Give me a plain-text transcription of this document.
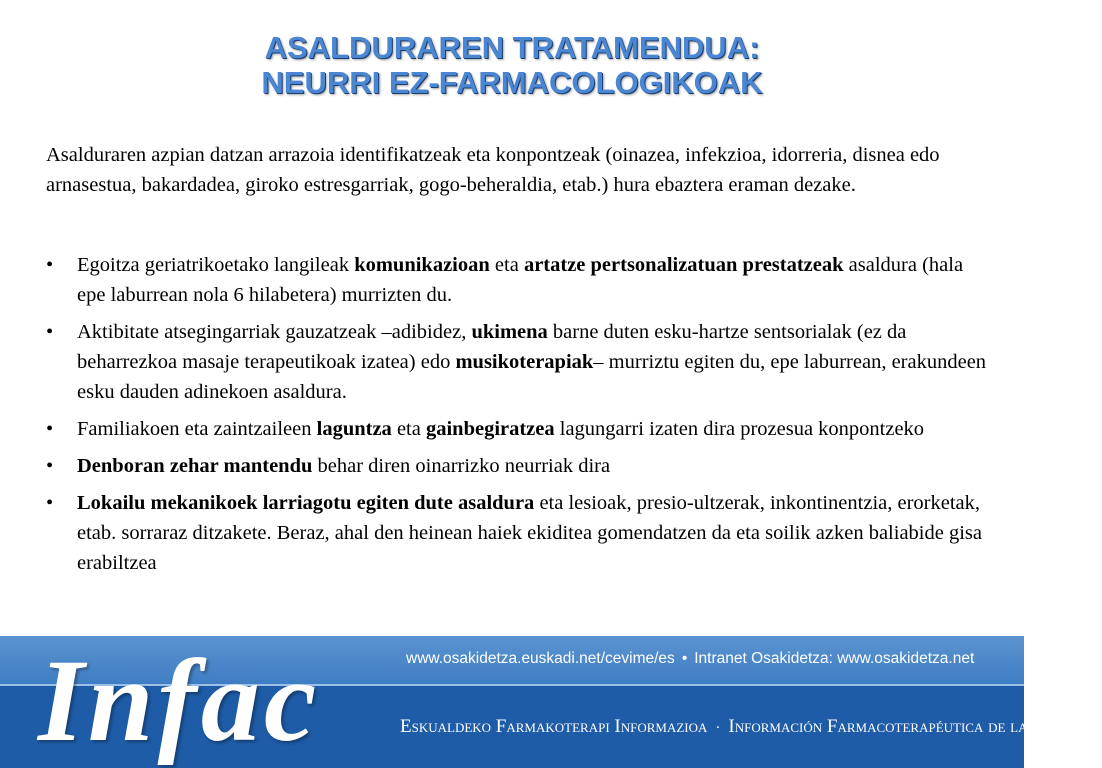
ASALDURAREN TRATAMENDUA:
NEURRI EZ-FARMACOLOGIKOAK

Asalduraren azpian datzan arrazoia identifikatzeak eta konpontzeak (oinazea, infekzioa, idorreria, disnea edo arnasestua, bakardadea, giroko estresgarriak, gogo-beheraldia, etab.) hura ebaztera eraman dezake.

• Egoitza geriatrikoetako langileak komunikazioan eta artatze pertsonalizatuan prestatzeak asaldura (hala epe laburrean nola 6 hilabetera) murrizten du.
• Aktibitate atsegingarriak gauzatzeak –adibidez, ukimena barne duten esku-hartze sentsorialak (ez da beharrezkoa masaje terapeutikoak izatea) edo musikoterapiak– murriztu egiten du, epe laburrean, erakundeen esku dauden adinekoen asaldura.
• Familiakoen eta zaintzaileen laguntza eta gainbegiratzea lagungarri izaten dira prozesua konpontzeko
• Denboran zehar mantendu behar diren oinarrizko neurriak dira
• Lokailu mekanikoek larriagotu egiten dute asaldura eta lesioak, presio-ultzerak, inkontinentzia, erorketak, etab. sorraraz ditzakete. Beraz, ahal den heinean haiek ekiditea gomendatzen da eta soilik azken baliabide gisa erabiltzea
Infac	www.osakidetza.euskadi.net/cevime/es • Intranet Osakidetza: www.osakidetza.net
Eskualdeko Farmakoterapi Informazioa · Información Farmacoterapéutica de la Comarca
